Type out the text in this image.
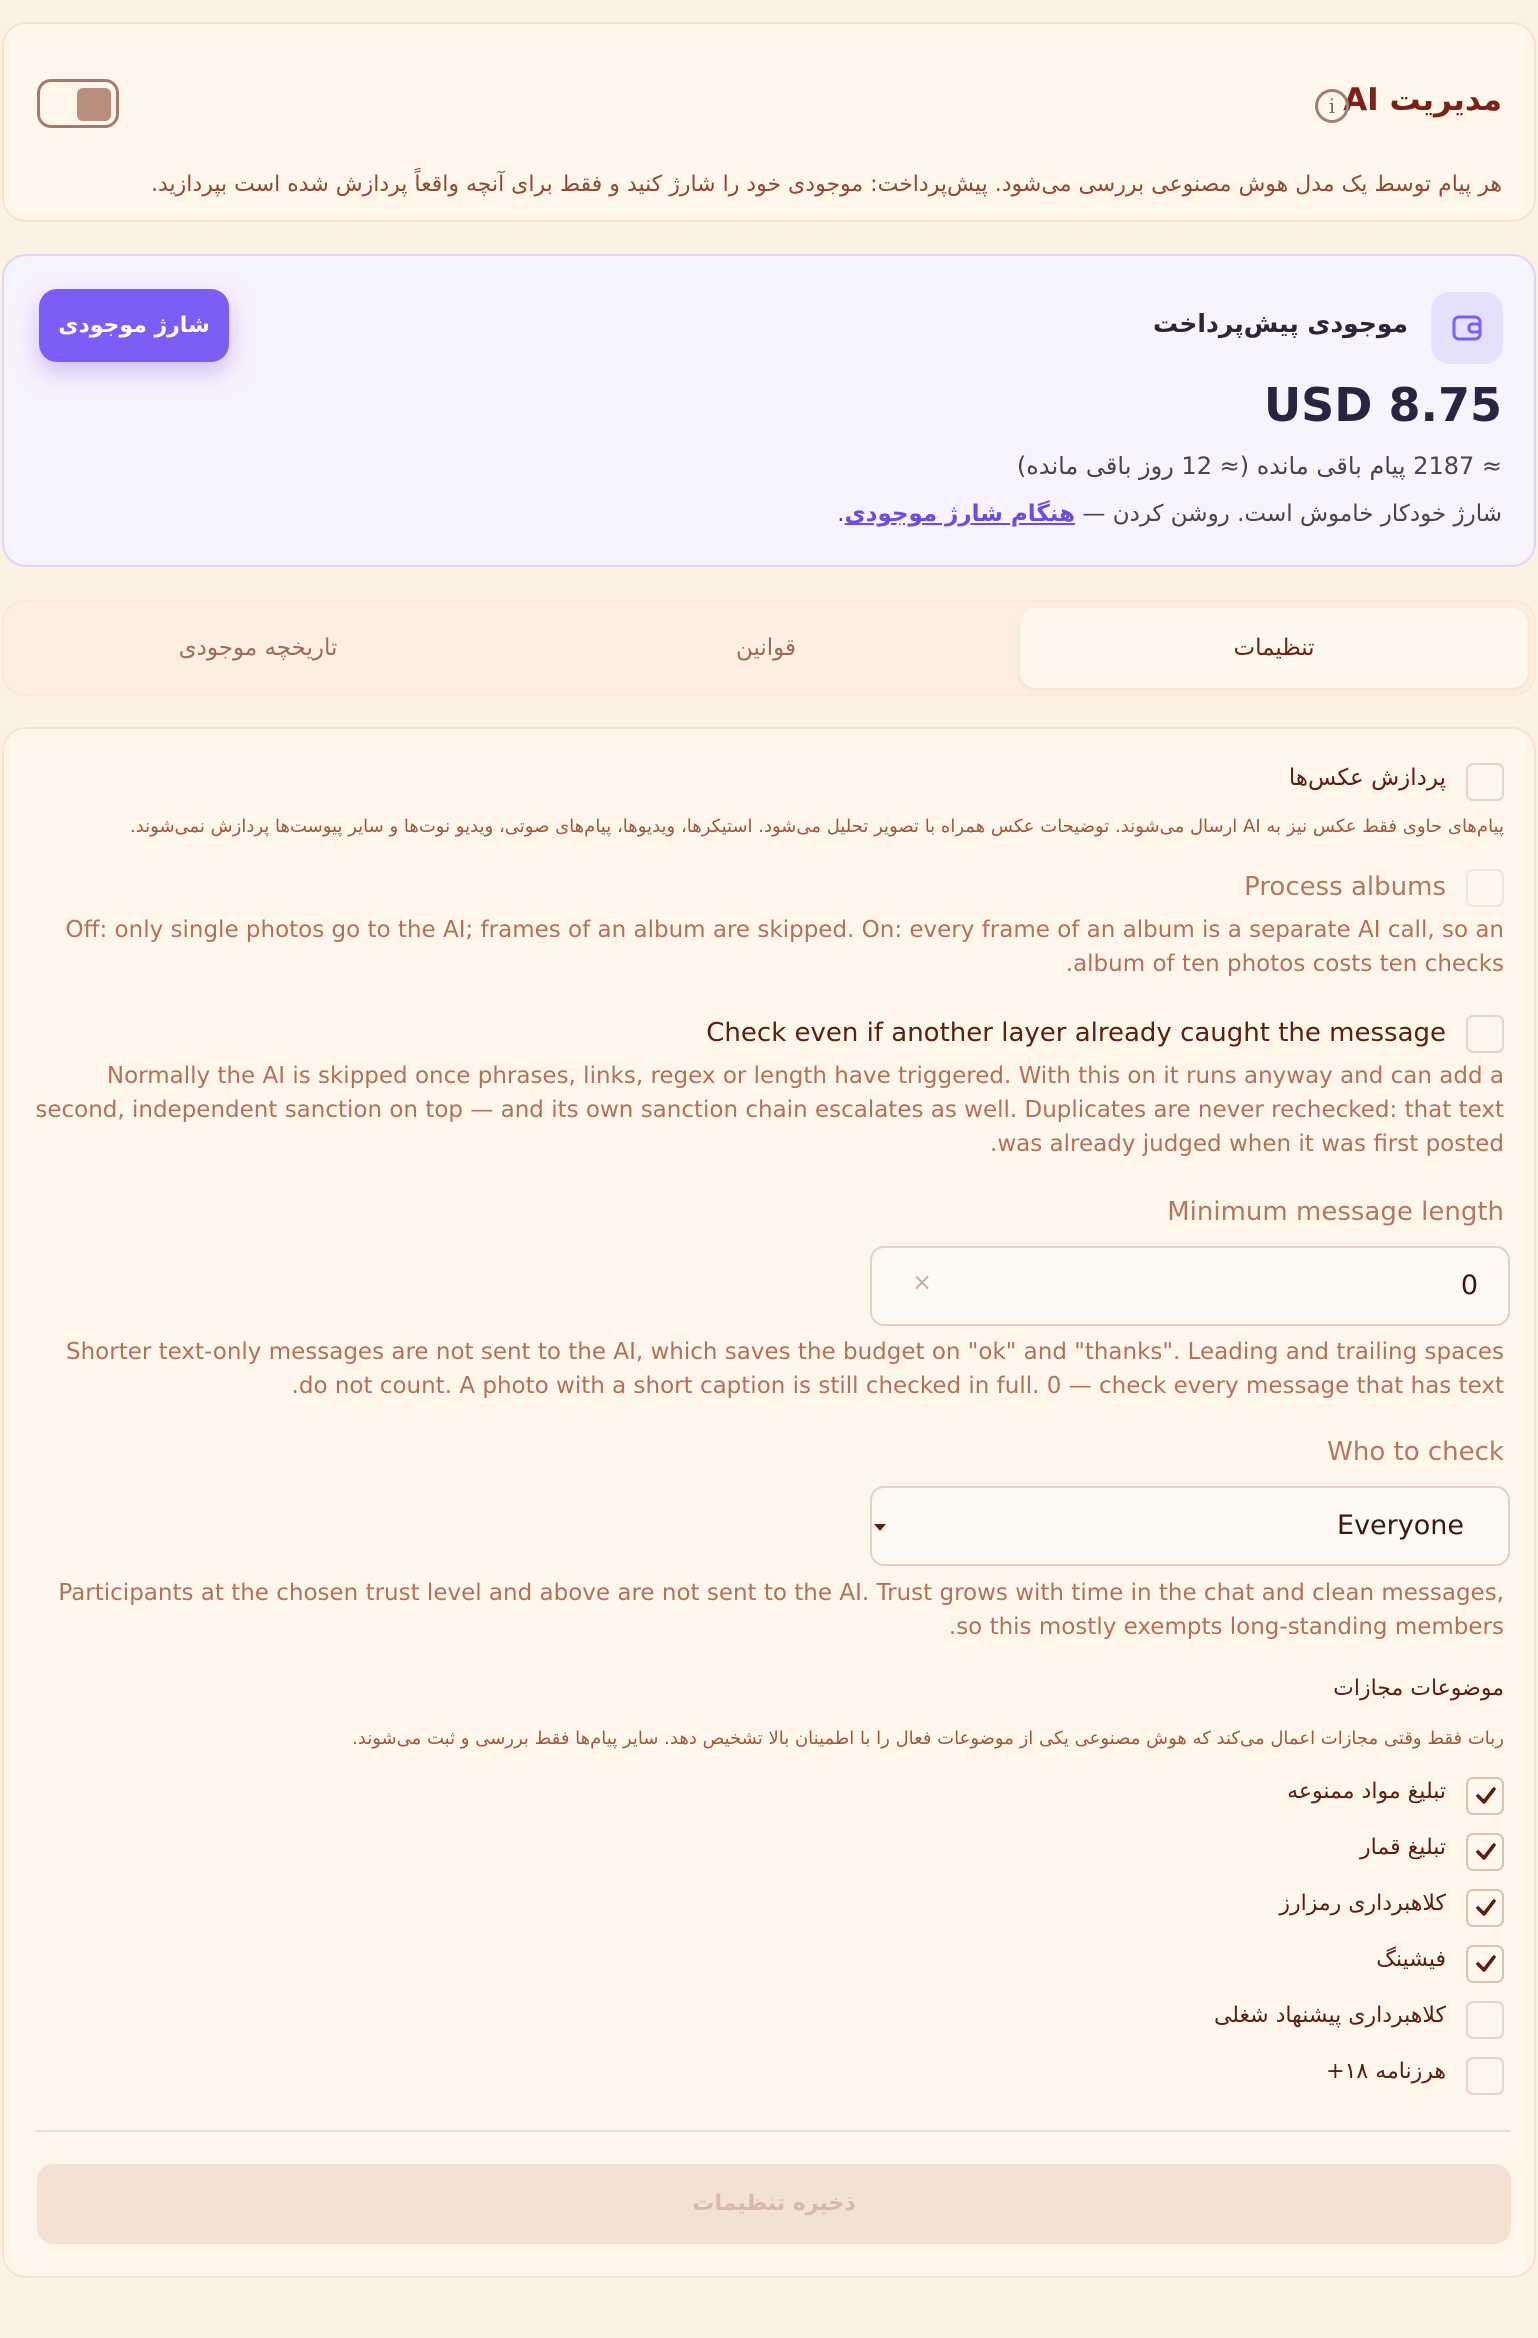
مدیریت AI
i
هر پیام توسط یک مدل هوش مصنوعی بررسی می‌شود. پیش‌پرداخت: موجودی خود را شارژ کنید و فقط برای آنچه واقعاً پردازش شده است بپردازید.
موجودی پیش‌پرداخت
شارژ موجودی
USD 8.75
≈ 2187 پیام باقی مانده (≈ 12 روز باقی مانده)
شارژ خودکار خاموش است. روشن کردن — هنگام شارژ موجودی.
تنظیمات
قوانین
تاریخچه موجودی
پردازش عکس‌ها
پیام‌های حاوی فقط عکس نیز به AI ارسال می‌شوند. توضیحات عکس همراه با تصویر تحلیل می‌شود. استیکرها، ویدیوها، پیام‌های صوتی، ویدیو نوت‌ها و سایر پیوست‌ها پردازش نمی‌شوند.
Process albums
Off: only single photos go to the AI; frames of an album are skipped. On: every frame of an album is a separate AI call, so an album of ten photos costs ten checks.
Check even if another layer already caught the message
Normally the AI is skipped once phrases, links, regex or length have triggered. With this on it runs anyway and can add a second, independent sanction on top — and its own sanction chain escalates as well. Duplicates are never rechecked: that text was already judged when it was first posted.
Minimum message length
0
×
Shorter text-only messages are not sent to the AI, which saves the budget on "ok" and "thanks". Leading and trailing spaces do not count. A photo with a short caption is still checked in full. 0 — check every message that has text.
Who to check
Everyone
Participants at the chosen trust level and above are not sent to the AI. Trust grows with time in the chat and clean messages, so this mostly exempts long-standing members.
موضوعات مجازات
ربات فقط وقتی مجازات اعمال می‌کند که هوش مصنوعی یکی از موضوعات فعال را با اطمینان بالا تشخیص دهد. سایر پیام‌ها فقط بررسی و ثبت می‌شوند.
تبلیغ مواد ممنوعه
تبلیغ قمار
کلاهبرداری رمزارز
فیشینگ
کلاهبرداری پیشنهاد شغلی
هرزنامه ۱۸+
ذخیره تنظیمات
